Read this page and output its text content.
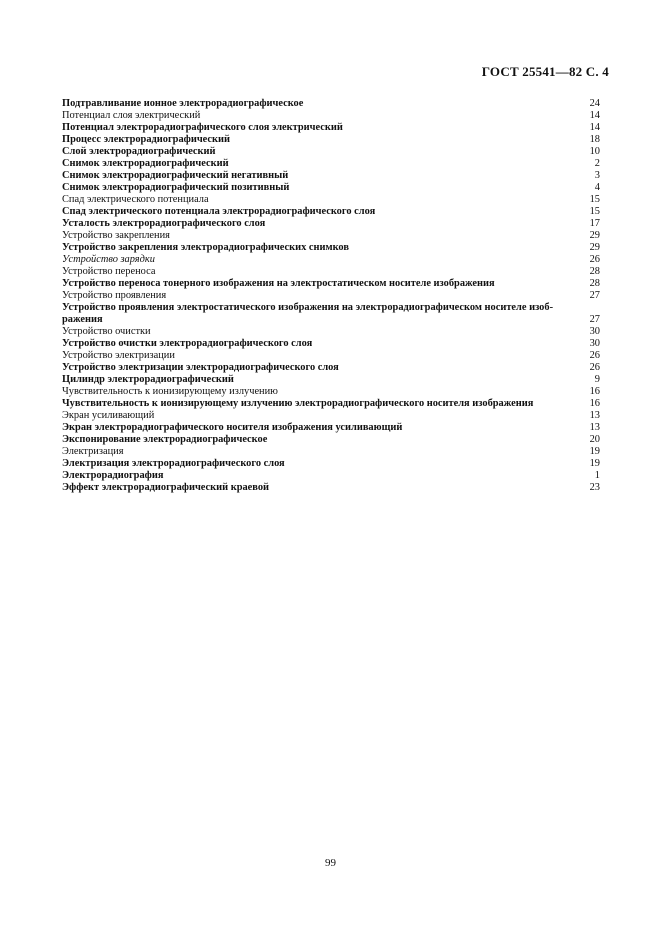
ГОСТ 25541—82 С. 4
Подтравливание ионное электрорадиографическое	24
Потенциал слоя электрический	14
Потенциал электрорадиографического слоя электрический	14
Процесс электрорадиографический	18
Слой электрорадиографический	10
Снимок электрорадиографический	2
Снимок электрорадиографический негативный	3
Снимок электрорадиографический позитивный	4
Спад электрического потенциала	15
Спад электрического потенциала электрорадиографического слоя	15
Усталость электрорадиографического слоя	17
Устройство закрепления	29
Устройство закрепления электрорадиографических снимков	29
Устройство зарядки	26
Устройство переноса	28
Устройство переноса тонерного изображения на электростатическом носителе изображения	28
Устройство проявления	27
Устройство проявления электростатического изображения на электрорадиографическом носителе изоб- ражения	27
Устройство очистки	30
Устройство очистки электрорадиографического слоя	30
Устройство электризации	26
Устройство электризации электрорадиографического слоя	26
Цилиндр электрорадиографический	9
Чувствительность к ионизирующему излучению	16
Чувствительность к ионизирующему излучению электрорадиографического носителя изображения	16
Экран усиливающий	13
Экран электрорадиографического носителя изображения усиливающий	13
Экспонирование электрорадиографическое	20
Электризация	19
Электризация электрорадиографического слоя	19
Электрорадиография	1
Эффект электрорадиографический краевой	23
99
